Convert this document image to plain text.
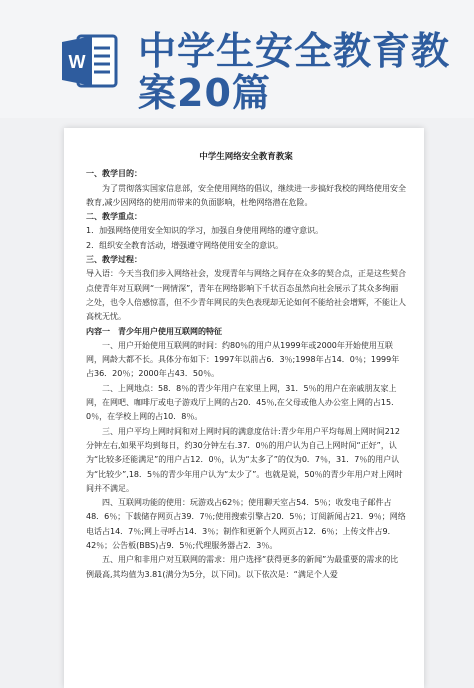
W 中学生安全教育教
案20篇
中学生网络安全教育教案
一、教学目的：
为了贯彻落实国家信息部，安全使用网络的倡议，继续进一步搞好我校的网络使用安全教育,减少因网络的使用而带来的负面影响，杜绝网络潜在危险。
二、教学重点：
1．加强网络使用安全知识的学习，加强自身使用网络的遵守意识。
2．组织安全教育活动，增强遵守网络使用安全的意识。
三、教学过程：
导入语：今天当我们步入网络社会，发现青年与网络之间存在众多的契合点，正是这些契合点使青年对互联网“一网情深”，青年在网络影响下千状百态虽然向社会展示了其众多绚丽之处，也令人倍感惊喜，但不少青年网民的失色表现却无论如何不能给社会增辉，不能让人高枕无忧。
内容一　青少年用户使用互联网的特征
一、用户开始使用互联网的时间：约80％的用户从1999年或2000年开始使用互联网，网龄大都不长。具体分布如下：1997年以前占6．3％;1998年占14．0％；1999年占36．20％；2000年占43．50％。
二、上网地点：58．8％的青少年用户在家里上网，31．5％的用户在亲戚朋友家上网，在网吧、咖啡厅或电子游戏厅上网的占20．45％,在父母或他人办公室上网的占15．0％，在学校上网的占10．8％。
三、用户平均上网时间和对上网时间的满意度估计:青少年用户平均每周上网时间212分钟左右,如果平均到每日，约30分钟左右.37．0％的用户认为自己上网时间“正好”，认为“比较多还能满足”的用户占12．0％，认为“太多了”的仅为0．7％，31．7％的用户认为“比较少”,18．5％的青少年用户认为“太少了”。也就是说，50％的青少年用户对上网时间并不满足。
四、互联网功能的使用：玩游戏占62％；使用聊天室占54．5％；收发电子邮件占48．6％；下载储存网页占39．7％;使用搜索引擎占20．5％；订阅新闻占21．9％；网络电话占14．7％;网上寻呼占14．3％；制作和更新个人网页占12．6％；上传文件占9．42％；公告板(BBS)占9．5％;代理服务器占2．3％。
五、用户和非用户对互联网的需求：用户选择“获得更多的新闻”为最重要的需求的比例最高,其均值为3.81(满分为5分，以下同)。以下依次是：“满足个人爱
